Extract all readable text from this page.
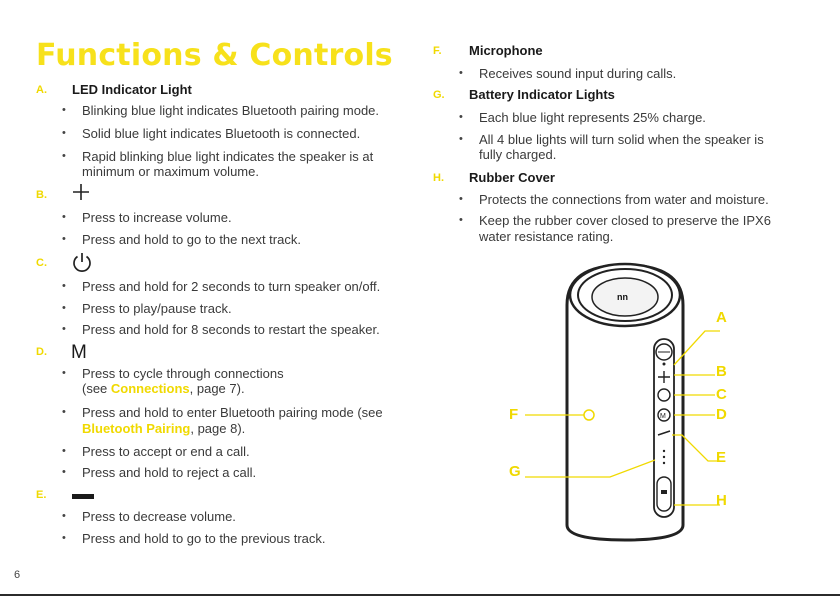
Functions & Controls
A. LED Indicator Light
• Blinking blue light indicates Bluetooth pairing mode.
• Solid blue light indicates Bluetooth is connected.
• Rapid blinking blue light indicates the speaker is at
minimum or maximum volume.
B.
• Press to increase volume.
• Press and hold to go to the next track.
C.
• Press and hold for 2 seconds to turn speaker on/off.
• Press to play/pause track.
• Press and hold for 8 seconds to restart the speaker.
D. M
• Press to cycle through connections
(see Connections, page 7).
• Press and hold to enter Bluetooth pairing mode (see
Bluetooth Pairing, page 8).
• Press to accept or end a call.
• Press and hold to reject a call.
E.
• Press to decrease volume.
• Press and hold to go to the previous track.
F. Microphone
• Receives sound input during calls.
G. Battery Indicator Lights
• Each blue light represents 25% charge.
• All 4 blue lights will turn solid when the speaker is
fully charged.
H. Rubber Cover
• Protects the connections from water and moisture.
• Keep the rubber cover closed to preserve the IPX6
water resistance rating.
nn
M
A
B
C
D
E
F
G
H
6
